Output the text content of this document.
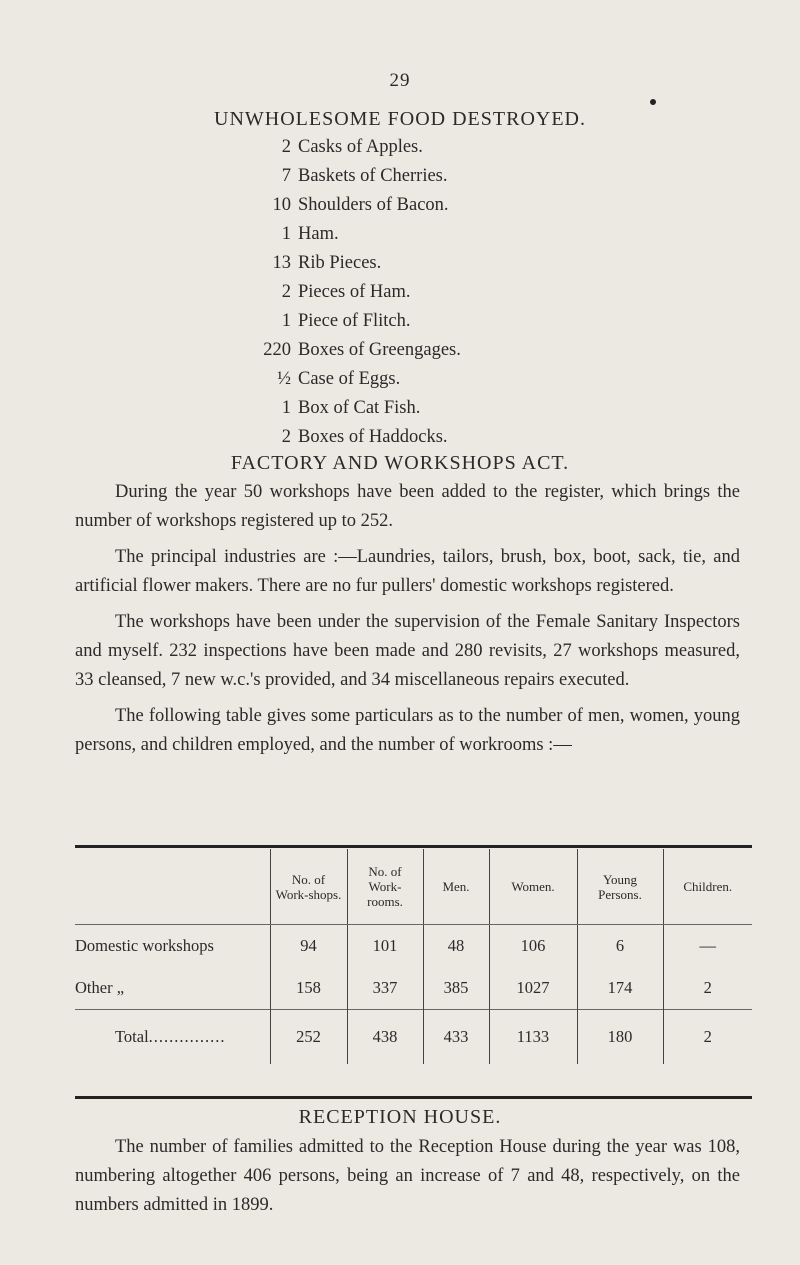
29
UNWHOLESOME FOOD DESTROYED.
2 Casks of Apples.
7 Baskets of Cherries.
10 Shoulders of Bacon.
1 Ham.
13 Rib Pieces.
2 Pieces of Ham.
1 Piece of Flitch.
220 Boxes of Greengages.
½ Case of Eggs.
1 Box of Cat Fish.
2 Boxes of Haddocks.
FACTORY AND WORKSHOPS ACT.

During the year 50 workshops have been added to the register, which brings the number of workshops registered up to 252.

The principal industries are :—Laundries, tailors, brush, box, boot, sack, tie, and artificial flower makers. There are no fur pullers' domestic workshops registered.

The workshops have been under the supervision of the Female Sanitary Inspectors and myself. 232 inspections have been made and 280 revisits, 27 workshops measured, 33 cleansed, 7 new w.c.'s provided, and 34 miscellaneous repairs executed.

The following table gives some particulars as to the number of men, women, young persons, and children employed, and the number of workrooms :—

	No. of Work-shops.	No. of Work-rooms.	Men.	Women.	Young Persons.	Children.
Domestic workshops	94	101	48	106	6	—
Other „	158	337	385	1027	174	2
Total...............	252	438	433	1133	180	2
RECEPTION HOUSE.

The number of families admitted to the Reception House during the year was 108, numbering altogether 406 persons, being an increase of 7 and 48, respectively, on the numbers admitted in 1899.
